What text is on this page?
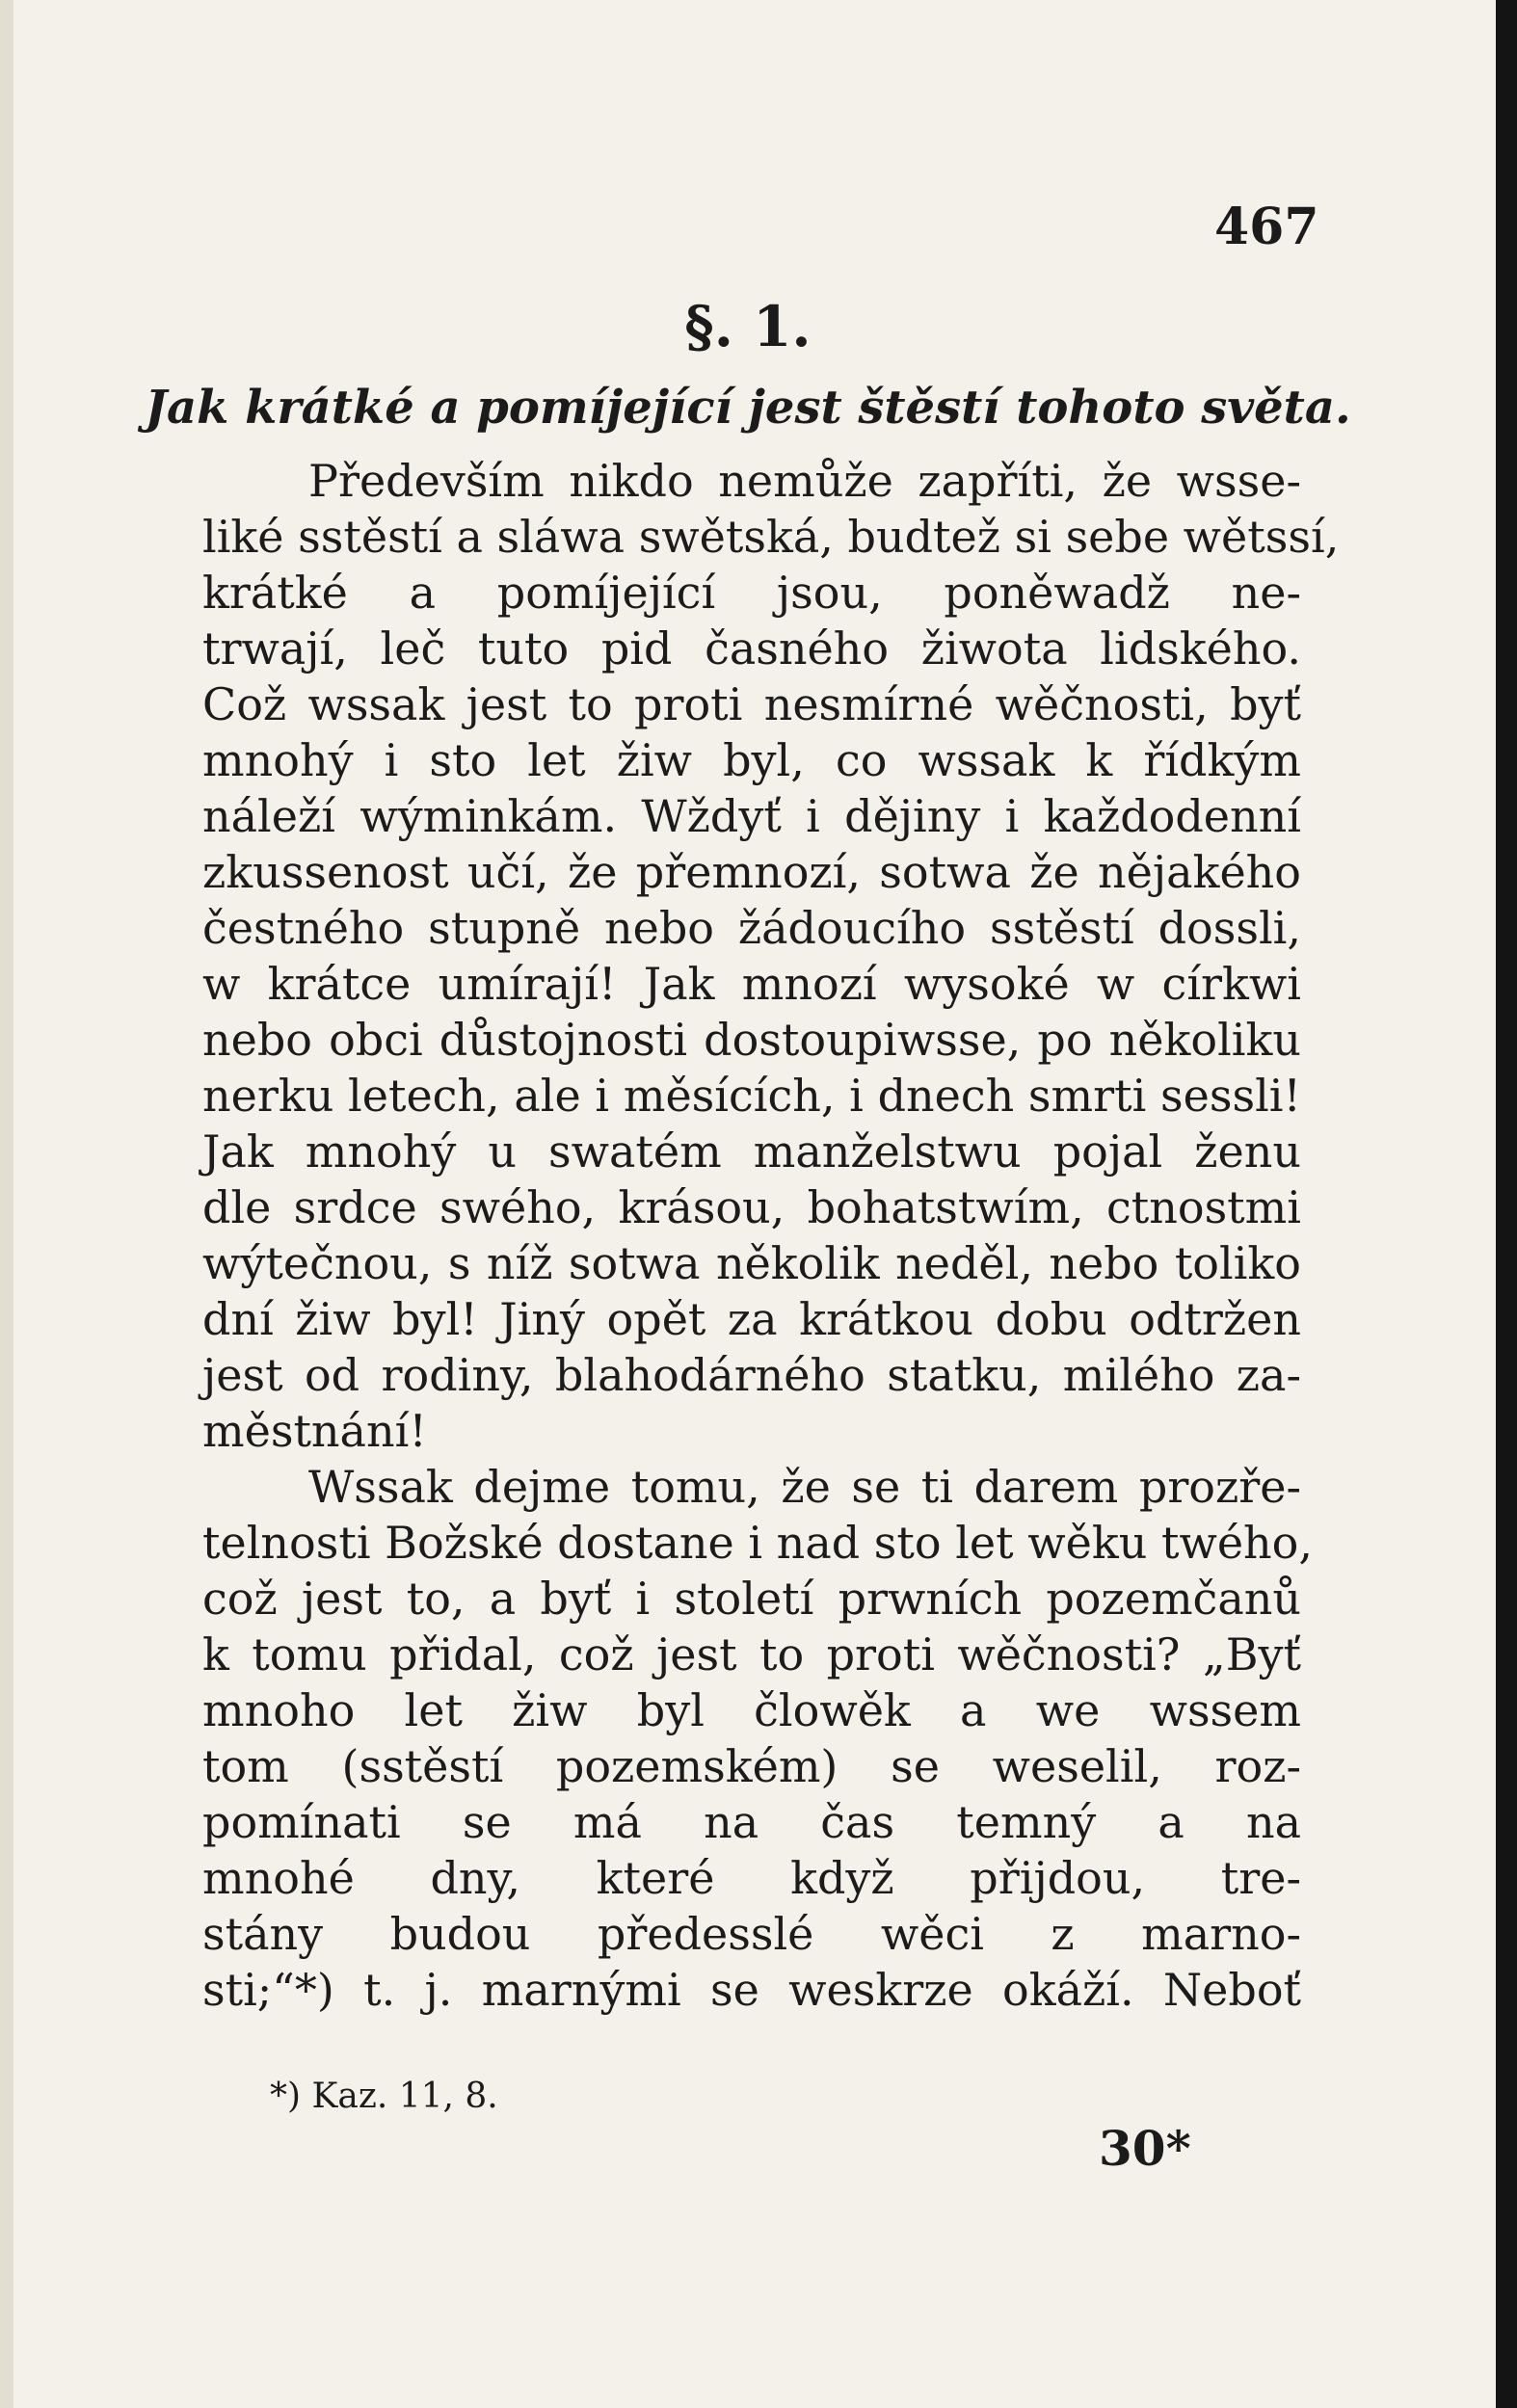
467
§. 1.
Jak krátké a pomíjející jest štěstí tohoto světa.
Především nikdo nemůže zapříti, že wsse-
liké sstěstí a sláwa swětská, budtež si sebe wětssí,
krátké a pomíjející jsou, poněwadž ne-
trwají, leč tuto pid časného žiwota lidského.
Což wssak jest to proti nesmírné wěčnosti, byť
mnohý i sto let žiw byl, co wssak k řídkým
náleží wýminkám. Wždyť i dějiny i každodenní
zkussenost učí, že přemnozí, sotwa že nějakého
čestného stupně nebo žádoucího sstěstí dossli,
w krátce umírají! Jak mnozí wysoké w církwi
nebo obci důstojnosti dostoupiwsse, po několiku
nerku letech, ale i měsících, i dnech smrti sessli!
Jak mnohý u swatém manželstwu pojal ženu
dle srdce swého, krásou, bohatstwím, ctnostmi
wýtečnou, s níž sotwa několik neděl, nebo toliko
dní žiw byl! Jiný opět za krátkou dobu odtržen
jest od rodiny, blahodárného statku, milého za-
městnání!
Wssak dejme tomu, že se ti darem prozře-
telnosti Božské dostane i nad sto let wěku twého,
což jest to, a byť i století prwních pozemčanů
k tomu přidal, což jest to proti wěčnosti? „Byť
mnoho let žiw byl člowěk a we wssem
tom (sstěstí pozemském) se weselil, roz-
pomínati se má na čas temný a na
mnohé dny, které když přijdou, tre-
stány budou předesslé wěci z marno-
sti;“*) t. j. marnými se weskrze okáží. Neboť
*) Kaz. 11, 8.
30*
